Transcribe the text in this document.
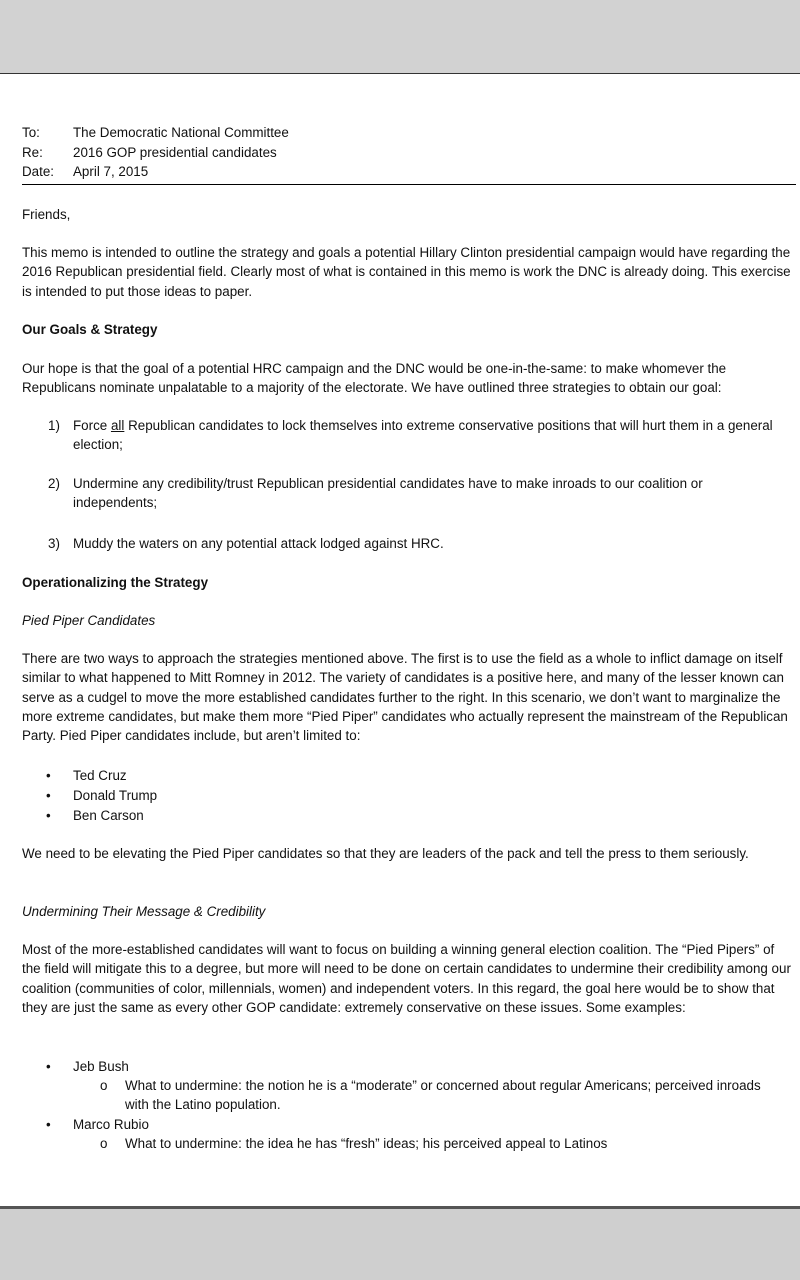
To:	The Democratic National Committee
Re:	2016 GOP presidential candidates
Date:	April 7, 2015
Friends,
This memo is intended to outline the strategy and goals a potential Hillary Clinton presidential campaign would have regarding the 2016 Republican presidential field. Clearly most of what is contained in this memo is work the DNC is already doing. This exercise is intended to put those ideas to paper.
Our Goals & Strategy
Our hope is that the goal of a potential HRC campaign and the DNC would be one-in-the-same: to make whomever the Republicans nominate unpalatable to a majority of the electorate. We have outlined three strategies to obtain our goal:
1) Force all Republican candidates to lock themselves into extreme conservative positions that will hurt them in a general election;
2) Undermine any credibility/trust Republican presidential candidates have to make inroads to our coalition or independents;
3) Muddy the waters on any potential attack lodged against HRC.
Operationalizing the Strategy
Pied Piper Candidates
There are two ways to approach the strategies mentioned above. The first is to use the field as a whole to inflict damage on itself similar to what happened to Mitt Romney in 2012. The variety of candidates is a positive here, and many of the lesser known can serve as a cudgel to move the more established candidates further to the right. In this scenario, we don’t want to marginalize the more extreme candidates, but make them more “Pied Piper” candidates who actually represent the mainstream of the Republican Party. Pied Piper candidates include, but aren’t limited to:
• Ted Cruz
• Donald Trump
• Ben Carson
We need to be elevating the Pied Piper candidates so that they are leaders of the pack and tell the press to them seriously.
Undermining Their Message & Credibility
Most of the more-established candidates will want to focus on building a winning general election coalition. The “Pied Pipers” of the field will mitigate this to a degree, but more will need to be done on certain candidates to undermine their credibility among our coalition (communities of color, millennials, women) and independent voters. In this regard, the goal here would be to show that they are just the same as every other GOP candidate: extremely conservative on these issues. Some examples:
• Jeb Bush
o What to undermine: the notion he is a “moderate” or concerned about regular Americans; perceived inroads with the Latino population.
• Marco Rubio
o What to undermine: the idea he has “fresh” ideas; his perceived appeal to Latinos
